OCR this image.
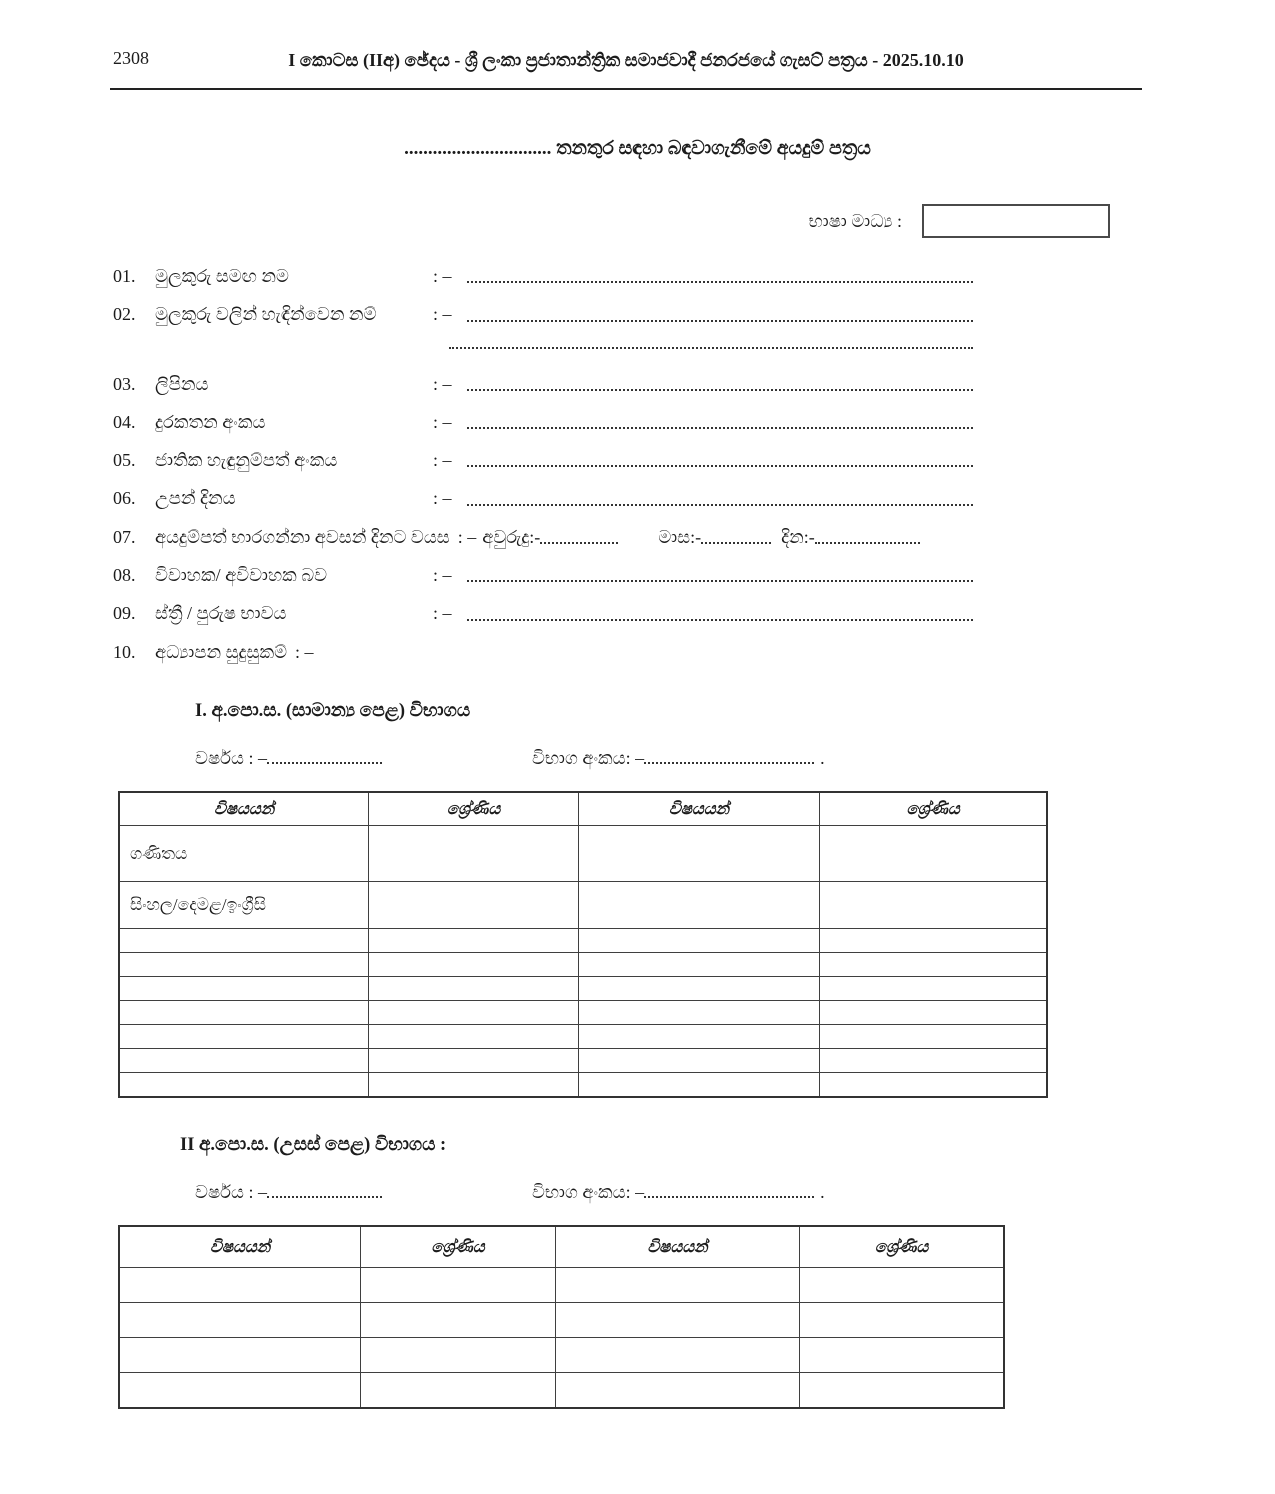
2308	I කොටස (IIඅ) ඡේදය - ශ්‍රී ලංකා ප්‍රජාතාන්ත්‍රික සමාජවාදී ජනරජයේ ගැසට් පත්‍රය - 2025.10.10
............................... තනතුර සඳහා බඳවාගැනීමේ අයදුම් පත්‍රය
භාෂා මාධ්‍ය :
01.	මුලකුරු සමඟ නම	: –
02.	මුලකුරු වලින් හැඳින්වෙන නම්	: –
03.	ලිපිනය	: –
04.	දුරකතන අංකය	: –
05.	ජාතික හැඳුනුම්පත් අංකය	: –
06.	උපන් දිනය	: –
07.	අයදුම්පත් භාරගන්නා අවසන් දිනට වයස : – අවුරුදු:-	මාස:-	දින:-
08.	විවාහක/ අවිවාහක බව	: –
09.	ස්ත්‍රී / පුරුෂ භාවය	: –
10.	අධ්‍යාපන සුදුසුකම් : –
I. අ.පො.ස. (සාමාන්‍ය පෙළ) විභාගය
වර්ෂය : –	විභාග අංකය: –	.
විෂයයන්	ශ්‍රේණිය	විෂයයන්	ශ්‍රේණිය
ගණිතය			
සිංහල/දෙමළ/ඉංග්‍රීසි			

II අ.පො.ස. (උසස් පෙළ) විභාගය :
වර්ෂය : –	විභාග අංකය: –	.
විෂයයන්	ශ්‍රේණිය	විෂයයන්	ශ්‍රේණිය
